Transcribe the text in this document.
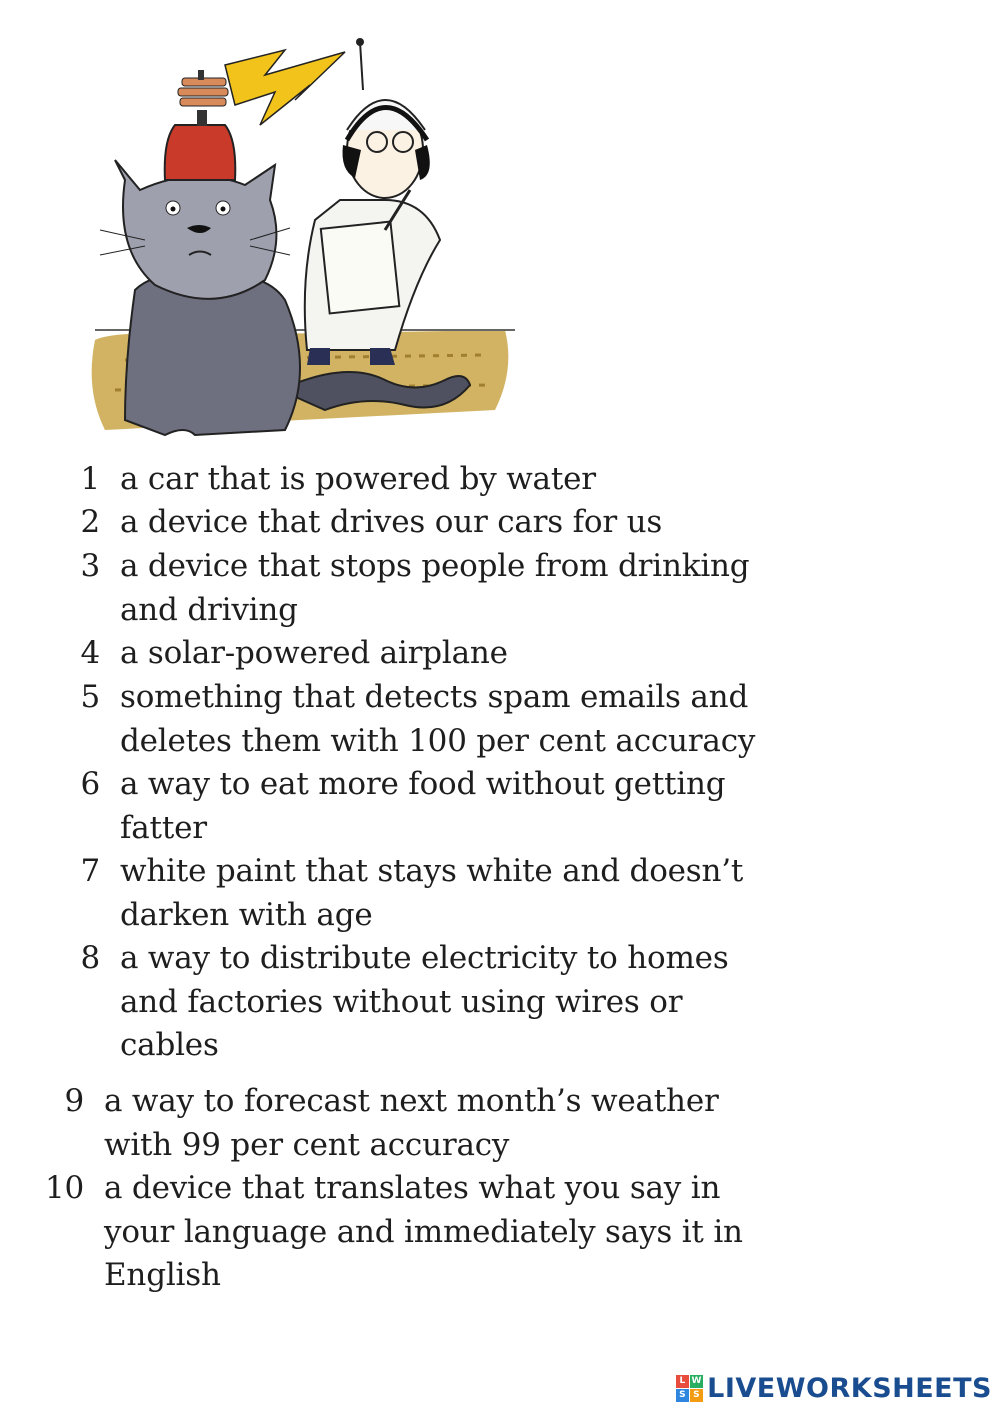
1 a car that is powered by water
2 a device that drives our cars for us
3 a device that stops people from drinking
and driving
4 a solar-powered airplane
5 something that detects spam emails and
deletes them with 100 per cent accuracy
6 a way to eat more food without getting
fatter
7 white paint that stays white and doesn’t
darken with age
8 a way to distribute electricity to homes
and factories without using wires or
cables
9 a way to forecast next month’s weather
with 99 per cent accuracy
10 a device that translates what you say in
your language and immediately says it in
English
L W
S S LIVEWORKSHEETS
